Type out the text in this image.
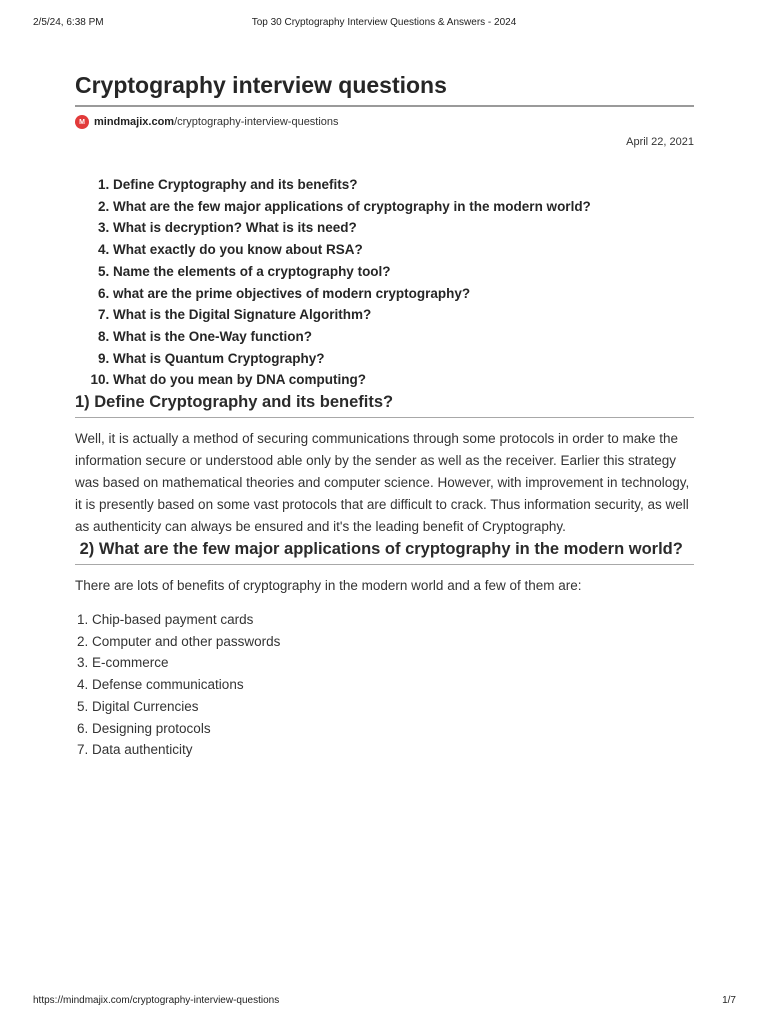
2/5/24, 6:38 PM	Top 30 Cryptography Interview Questions & Answers - 2024
Cryptography interview questions
M mindmajix.com/cryptography-interview-questions
April 22, 2021
1. Define Cryptography and its benefits?
2. What are the few major applications of cryptography in the modern world?
3. What is decryption? What is its need?
4. What exactly do you know about RSA?
5. Name the elements of a cryptography tool?
6. what are the prime objectives of modern cryptography?
7. What is the Digital Signature Algorithm?
8. What is the One-Way function?
9. What is Quantum Cryptography?
10. What do you mean by DNA computing?
1) Define Cryptography and its benefits?

Well, it is actually a method of securing communications through some protocols in order to make the information secure or understood able only by the sender as well as the receiver. Earlier this strategy was based on mathematical theories and computer science. However, with improvement in technology, it is presently based on some vast protocols that are difficult to crack. Thus information security, as well as authenticity can always be ensured and it's the leading benefit of Cryptography.

2) What are the few major applications of cryptography in the modern world?

There are lots of benefits of cryptography in the modern world and a few of them are:

1. Chip-based payment cards
2. Computer and other passwords
3. E-commerce
4. Defense communications
5. Digital Currencies
6. Designing protocols
7. Data authenticity
https://mindmajix.com/cryptography-interview-questions	1/7
